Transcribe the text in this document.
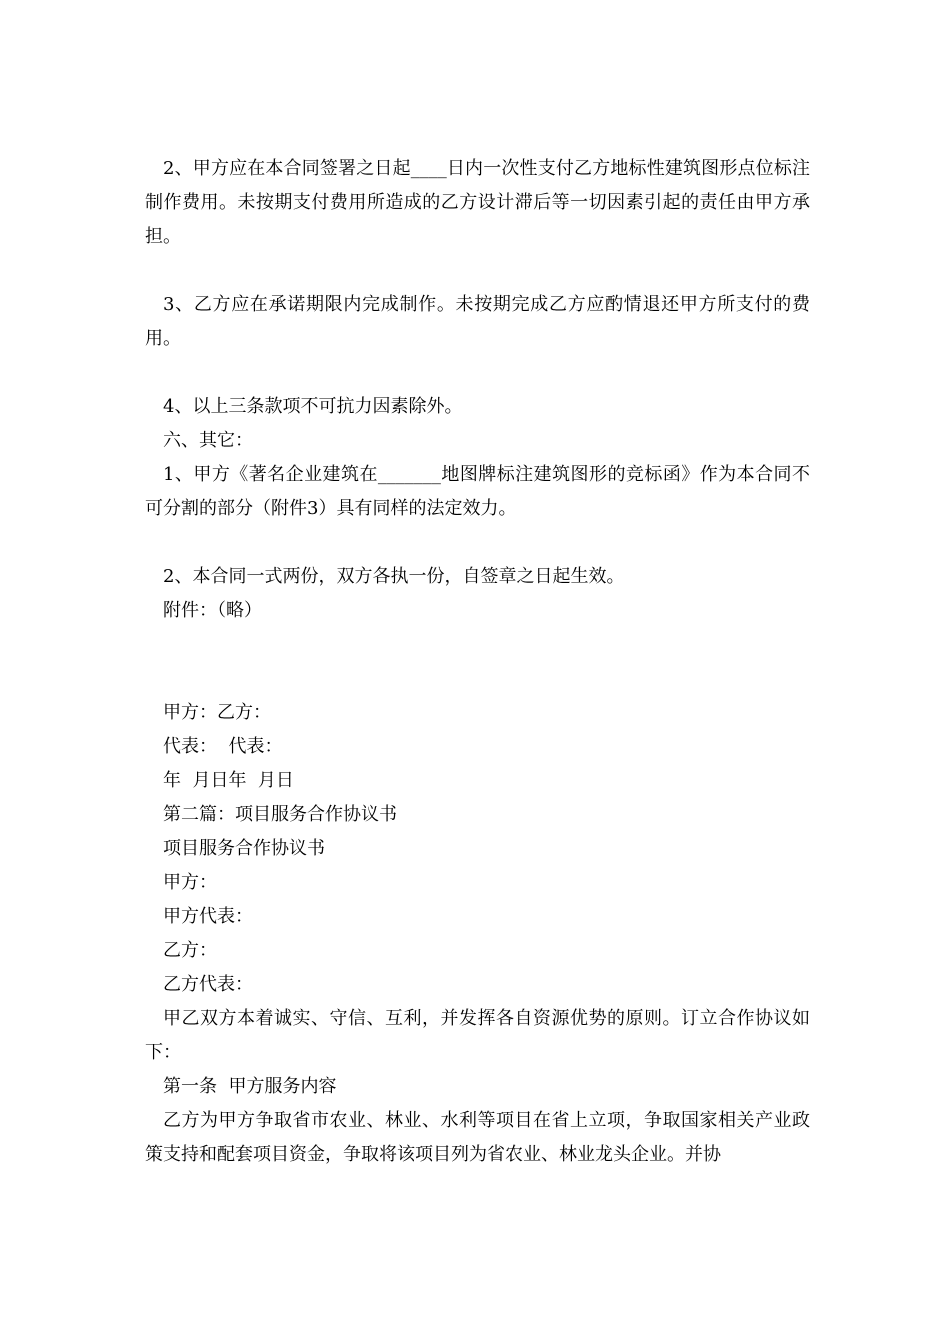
2、甲方应在本合同签署之日起____日内一次性支付乙方地标性建筑图形点位标注制作费用。未按期支付费用所造成的乙方设计滞后等一切因素引起的责任由甲方承担。

3、乙方应在承诺期限内完成制作。未按期完成乙方应酌情退还甲方所支付的费用。

4、以上三条款项不可抗力因素除外。

六、其它：

1、甲方《著名企业建筑在_______地图牌标注建筑图形的竞标函》作为本合同不可分割的部分（附件3）具有同样的法定效力。

2、本合同一式两份，双方各执一份，自签章之日起生效。

附件：（略）

甲方：乙方：

代表：  代表：

年  月日年  月日

第二篇：项目服务合作协议书

项目服务合作协议书

甲方：

甲方代表：

乙方：

乙方代表：

甲乙双方本着诚实、守信、互利，并发挥各自资源优势的原则。订立合作协议如下：

第一条  甲方服务内容

乙方为甲方争取省市农业、林业、水利等项目在省上立项，争取国家相关产业政策支持和配套项目资金，争取将该项目列为省农业、林业龙头企业。并协
